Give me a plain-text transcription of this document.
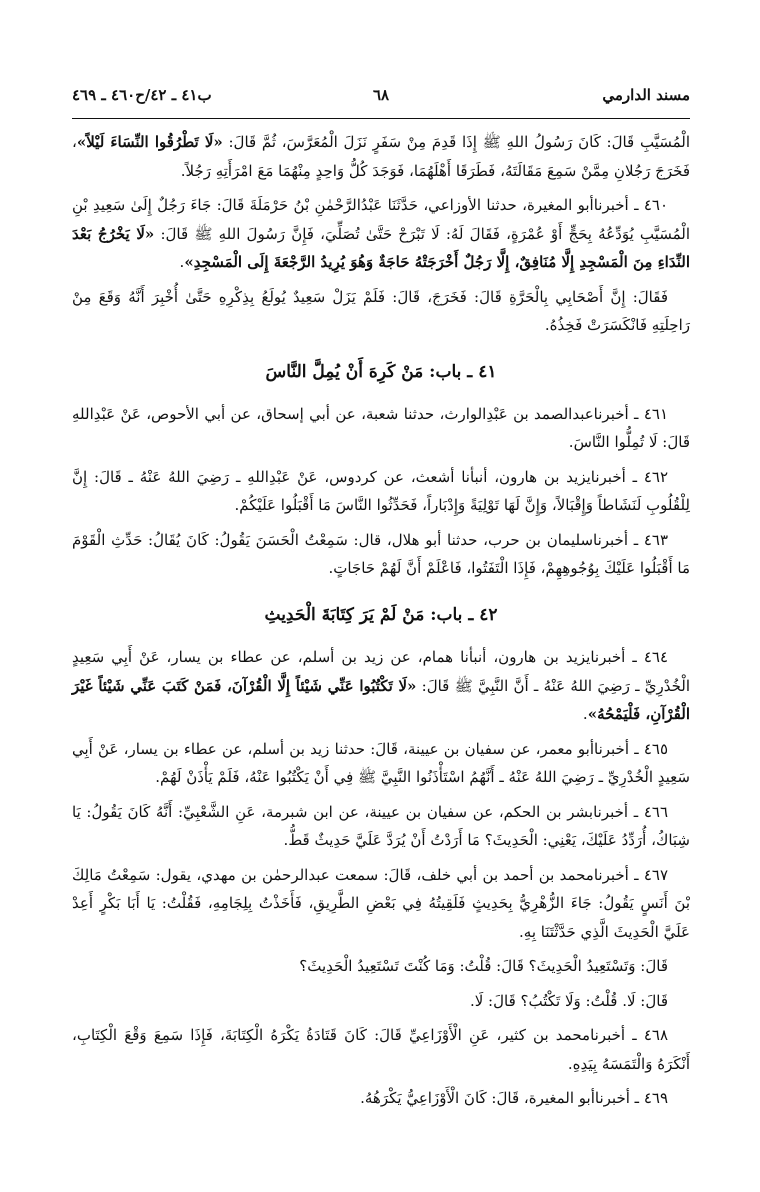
مسند الدارمي
٦٨
ب٤١ ـ ٤٢/ح٤٦٠ ـ ٤٦٩

الْمُسَيَّبِ قَالَ: كَانَ رَسُولُ اللهِ ﷺ إِذَا قَدِمَ مِنْ سَفَرٍ نَزَلَ الْمُعَرَّسَ، ثُمَّ قَالَ: «لَا تَطْرُقُوا النِّسَاءَ لَيْلاً»، فَخَرَجَ رَجُلانِ مِمَّنْ سَمِعَ مَقَالَتَهُ، فَطَرَقَا أَهْلَهُمَا، فَوَجَدَ كُلُّ وَاحِدٍ مِنْهُمَا مَعَ امْرَأَتِهِ رَجُلاً.

٤٦٠ ـ أخبرناأبو المغيرة، حدثنا الأوزاعي، حَدَّثَنَا عَبْدُالرَّحْمٰنِ بْنُ حَرْمَلَةَ قَالَ: جَاءَ رَجُلٌ إِلَىٰ سَعِيدِ بْنِ الْمُسَيَّبِ يُوَدِّعُهُ بِحَجٍّ أَوْ عُمْرَةٍ، فَقَالَ لَهُ: لَا تَبْرَحْ حَتَّىٰ تُصَلِّيَ، فَإِنَّ رَسُولَ اللهِ ﷺ قَالَ: «لَا يَخْرُجُ بَعْدَ النِّدَاءِ مِنَ الْمَسْجِدِ إِلَّا مُنَافِقٌ، إِلَّا رَجُلٌ أَخْرَجَتْهُ حَاجَةٌ وَهُوَ يُرِيدُ الرَّجْعَةَ إِلَى الْمَسْجِدِ».

فَقَالَ: إِنَّ أَصْحَابِي بِالْحَرَّةِ قَالَ: فَخَرَجَ، قَالَ: فَلَمْ يَزَلْ سَعِيدٌ يُولَعُ بِذِكْرِهِ حَتَّىٰ أُخْبِرَ أَنَّهُ وَقَعَ مِنْ رَاحِلَتِهِ فَانْكَسَرَتْ فَخِذُهُ.

٤١ ـ باب: مَنْ كَرِهَ أَنْ يُمِلَّ النَّاسَ

٤٦١ ـ أخبرناعبدالصمد بن عَبْدِالوارث، حدثنا شعبة، عن أبي إسحاق، عن أبي الأحوص، عَنْ عَبْدِاللهِ قَالَ: لَا تُمِلُّوا النَّاسَ.

٤٦٢ ـ أخبرنايزيد بن هارون، أنبأنا أشعث، عن كردوس، عَنْ عَبْدِاللهِ ـ رَضِيَ اللهُ عَنْهُ ـ قَالَ: إِنَّ لِلْقُلُوبِ لَنَشَاطاً وَإِقْبَالاً، وَإِنَّ لَهَا تَوْلِيَةً وَإِدْبَاراً، فَحَدِّثُوا النَّاسَ مَا أَقْبَلُوا عَلَيْكُمْ.

٤٦٣ ـ أخبرناسليمان بن حرب، حدثنا أبو هلال، قال: سَمِعْتُ الْحَسَنَ يَقُولُ: كَانَ يُقَالُ: حَدِّثِ الْقَوْمَ مَا أَقْبَلُوا عَلَيْكَ بِوُجُوهِهِمْ، فَإِذَا الْتَفَتُوا، فَاعْلَمْ أَنَّ لَهُمْ حَاجَاتٍ.

٤٢ ـ باب: مَنْ لَمْ يَرَ كِتَابَةَ الْحَدِيثِ

٤٦٤ ـ أخبرنايزيد بن هارون، أنبأنا همام، عن زيد بن أسلم، عن عطاء بن يسار، عَنْ أَبِي سَعِيدٍ الْخُدْرِيِّ ـ رَضِيَ اللهُ عَنْهُ ـ أَنَّ النَّبِيَّ ﷺ قَالَ: «لَا تَكْتُبُوا عَنِّي شَيْئاً إِلَّا الْقُرْآنَ، فَمَنْ كَتَبَ عَنِّي شَيْئاً غَيْرَ الْقُرْآنِ، فَلْيَمْحُهُ».

٤٦٥ ـ أخبرناأبو معمر، عن سفيان بن عيينة، قَالَ: حدثنا زيد بن أسلم، عن عطاء بن يسار، عَنْ أَبِي سَعِيدٍ الْخُدْرِيِّ ـ رَضِيَ اللهُ عَنْهُ ـ أَنَّهُمُ اسْتَأْذَنُوا النَّبِيَّ ﷺ فِي أَنْ يَكْتُبُوا عَنْهُ، فَلَمْ يَأْذَنْ لَهُمْ.

٤٦٦ ـ أخبرنابشر بن الحكم، عن سفيان بن عيينة، عن ابن شبرمة، عَنِ الشَّعْبِيِّ: أَنَّهُ كَانَ يَقُولُ: يَا شِبَاكُ، أُرَدِّدُ عَلَيْكَ، يَعْنِي: الْحَدِيثَ؟ مَا أَرَدْتُ أَنْ يُرَدَّ عَلَيَّ حَدِيثٌ قَطُّ.

٤٦٧ ـ أخبرنامحمد بن أحمد بن أبي خلف، قَالَ: سمعت عبدالرحمٰن بن مهدي، يقول: سَمِعْتُ مَالِكَ بْنَ أَنَسٍ يَقُولُ: جَاءَ الزُّهْرِيُّ بِحَدِيثٍ فَلَقِيتُهُ فِي بَعْضِ الطَّرِيقِ، فَأَخَذْتُ بِلِجَامِهِ، فَقُلْتُ: يَا أَبَا بَكْرٍ أَعِدْ عَلَيَّ الْحَدِيثَ الَّذِي حَدَّثْتَنَا بِهِ.

قَالَ: وَتَسْتَعِيدُ الْحَدِيثَ؟ قَالَ: قُلْتُ: وَمَا كُنْتَ تَسْتَعِيدُ الْحَدِيثَ؟

قَالَ: لَا. قُلْتُ: وَلَا تَكْتُبُ؟ قَالَ: لَا.

٤٦٨ ـ أخبرنامحمد بن كثير، عَنِ الْأَوْزَاعِيِّ قَالَ: كَانَ قَتَادَةُ يَكْرَهُ الْكِتَابَةَ، فَإِذَا سَمِعَ وَقْعَ الْكِتَابِ، أَنْكَرَهُ وَالْتَمَسَهُ بِيَدِهِ.

٤٦٩ ـ أخبرناأبو المغيرة، قَالَ: كَانَ الْأَوْزَاعِيُّ يَكْرَهُهُ.
